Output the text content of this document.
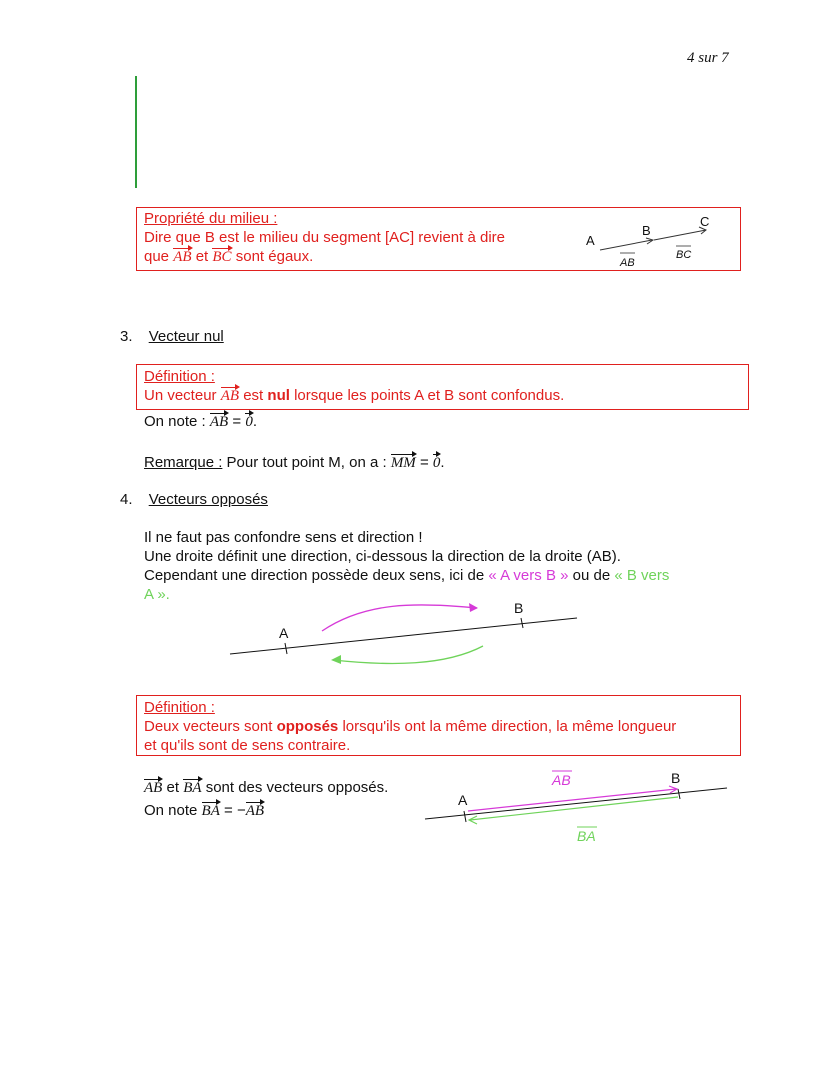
4 sur 7
Propriété du milieu :
Dire que B est le milieu du segment [AC] revient à dire
que AB et BC sont égaux.
A
B
C
AB
BC
3. Vecteur nul
Définition :
Un vecteur AB est nul lorsque les points A et B sont confondus.
On note : AB = 0.
Remarque : Pour tout point M, on a : MM = 0.
4. Vecteurs opposés
Il ne faut pas confondre sens et direction !
Une droite définit une direction, ci-dessous la direction de la droite (AB).
Cependant une direction possède deux sens, ici de « A vers B » ou de « B vers
A ».
A
B
Définition :
Deux vecteurs sont opposés lorsqu'ils ont la même direction, la même longueur
et qu'ils sont de sens contraire.
AB et BA sont des vecteurs opposés.
On note BA = −AB
A
B
AB
BA
